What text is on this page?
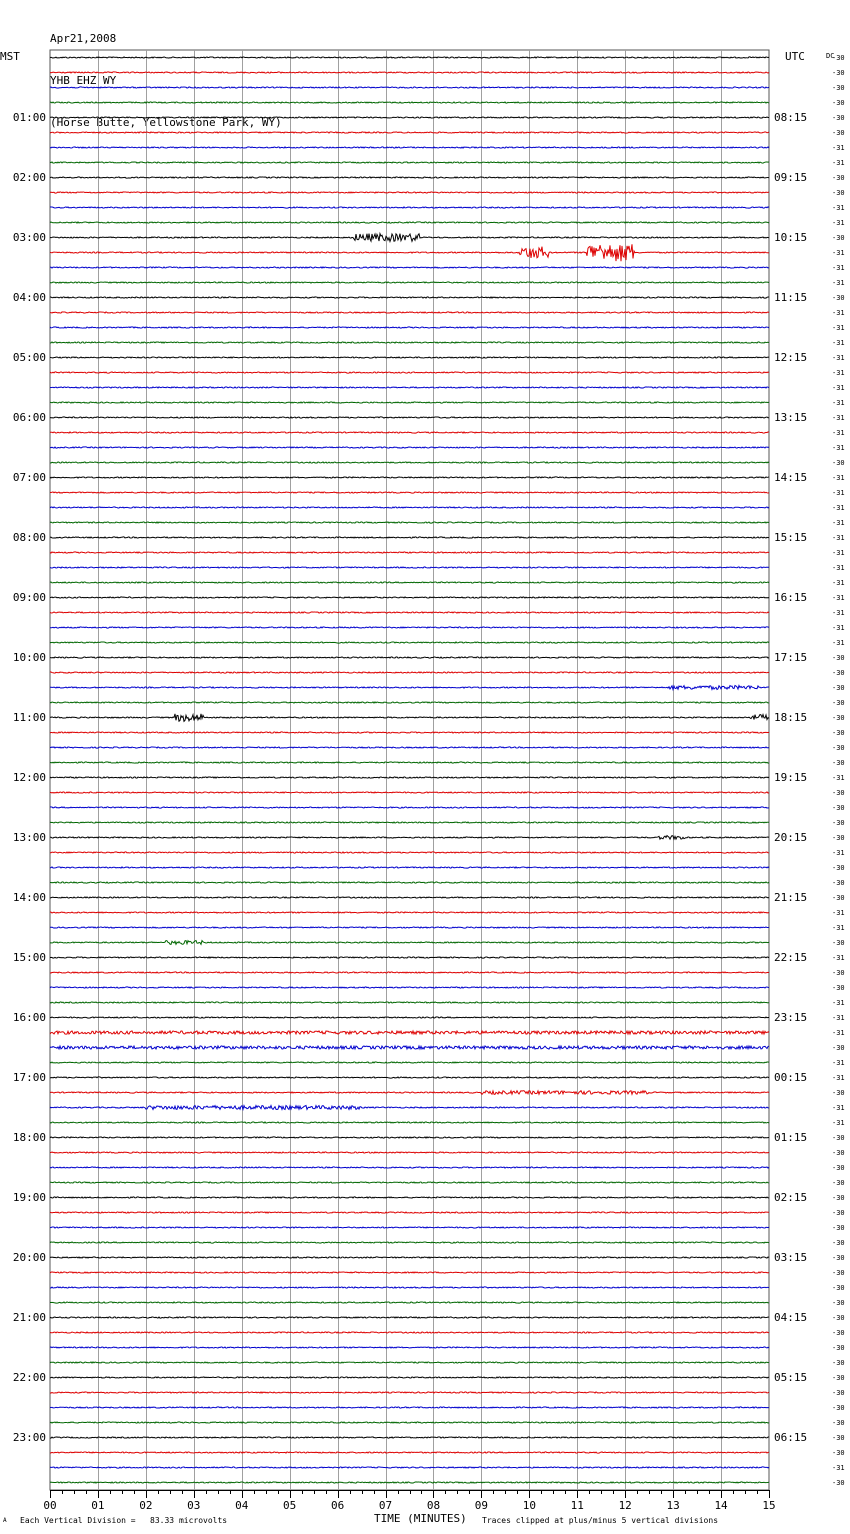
Apr21,2008

YHB EHZ WY

(Horse Butte, Yellowstone Park, WY)

MST	UTC	DC
-30
-30
-30
-30
-30
01:00	08:15
-30
-31
-31
-30
02:00	09:15
-30
-31
-31
-30
03:00	10:15
-31
-31
-31
-30
04:00	11:15
-31
-31
-31
-31
05:00	12:15
-31
-31
-31
-31
06:00	13:15
-31
-31
-30
-31
07:00	14:15
-31
-31
-31
-31
08:00	15:15
-31
-31
-31
-31
09:00	16:15
-31
-31
-31
-30
10:00	17:15
-30
-30
-30
-30
11:00	18:15
-30
-30
-30
-31
12:00	19:15
-30
-30
-30
-30
13:00	20:15
-31
-30
-30
-30
14:00	21:15
-31
-31
-30
-31
15:00	22:15
-30
-30
-31
-31
16:00	23:15
-31
-30
-31
-31
17:00	00:15
-30
-31
-31
-30
18:00	01:15
-30
-30
-30
-30
19:00	02:15
-30
-30
-30
-30
20:00	03:15
-30
-30
-30
-30
21:00	04:15
-30
-30
-30
-30
22:00	05:15
-30
-30
-30
-30
23:00	06:15
-30
-31
-30
00	01	02	03	04	05	06	07	08	09	10	11	12	13	14	15
TIME (MINUTES)
A Each Vertical Division =   83.33 microvolts	Traces clipped at plus/minus 5 vertical divisions
